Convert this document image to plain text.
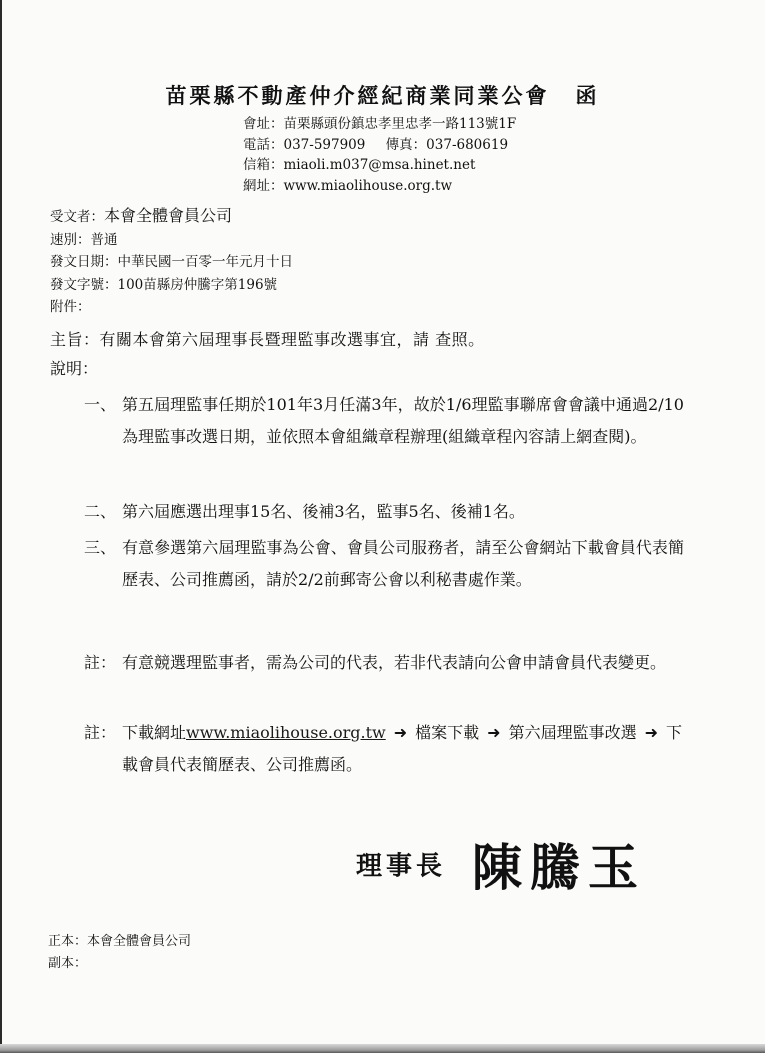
苗栗縣不動產仲介經紀商業同業公會 函
會址：苗栗縣頭份鎮忠孝里忠孝一路113號1F
電話：037-597909 傳真：037-680619
信箱：miaoli.m037@msa.hinet.net
網址：www.miaolihouse.org.tw
受文者：本會全體會員公司
速別：普通
發文日期：中華民國一百零一年元月十日
發文字號：100苗縣房仲騰字第196號
附件：
主旨：有關本會第六屆理事長暨理監事改選事宜，請 查照。
說明：
一、 第五屆理監事任期於101年3月任滿3年，故於1/6理監事聯席會會議中通過2/10為理監事改選日期，並依照本會組織章程辦理(組織章程內容請上網查閱)。
二、 第六屆應選出理事15名、後補3名，監事5名、後補1名。
三、 有意參選第六屆理監事為公會、會員公司服務者，請至公會網站下載會員代表簡歷表、公司推薦函，請於2/2前郵寄公會以利秘書處作業。
註： 有意競選理監事者，需為公司的代表，若非代表請向公會申請會員代表變更。
註： 下載網址www.miaolihouse.org.tw ➜ 檔案下載 ➜ 第六屆理監事改選 ➜ 下載會員代表簡歷表、公司推薦函。
理事長 陳騰玉
正本：本會全體會員公司
副本：
